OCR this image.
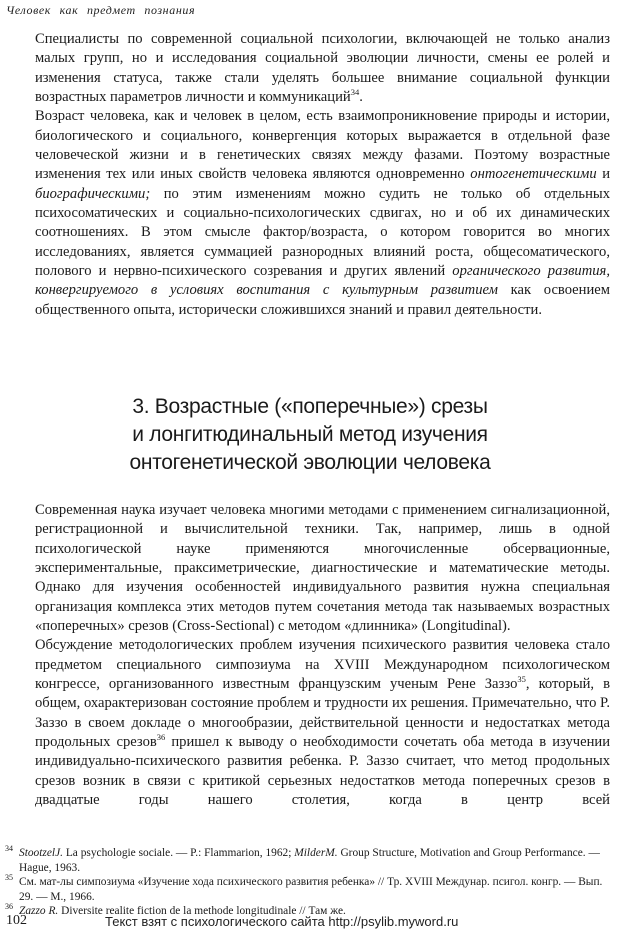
Человек как предмет познания

Специалисты по современной социальной психологии, включающей не только анализ малых групп, но и исследования социальной эволюции личности, смены ее ролей и изменения статуса, также стали уделять большее внимание социальной функции возрастных параметров личности и коммуникаций$^{34}$.

Возраст человека, как и человек в целом, есть взаимопроникновение природы и истории, биологического и социального, конвергенция которых выражается в отдельной фазе человеческой жизни и в генетических связях между фазами. Поэтому возрастные изменения тех или иных свойств человека являются одновременно онтогенетическими и биографическими; по этим изменениям можно судить не только об отдельных психосоматических и социально-психологических сдвигах, но и об их динамических соотношениях. В этом смысле фактор/возраста, о котором говорится во многих исследованиях, является суммацией разнородных влияний роста, общесоматического, полового и нервно-психического созревания и других явлений органического развития, конвергируемого в условиях воспитания с культурным развитием как освоением общественного опыта, исторически сложившихся знаний и правил деятельности.

3. Возрастные («поперечные») срезы
и лонгитюдинальный метод изучения
онтогенетической эволюции человека

Современная наука изучает человека многими методами с применением сигнализационной, регистрационной и вычислительной техники. Так, например, лишь в одной психологической науке применяются многочисленные обсервационные, экспериментальные, праксиметрические, диагностические и математические методы. Однако для изучения особенностей индивидуального развития нужна специальная организация комплекса этих методов путем сочетания метода так называемых возрастных «поперечных» срезов (Cross-Sectional) с методом «длинника» (Longitudinal).

Обсуждение методологических проблем изучения психического развития человека стало предметом специального симпозиума на XVIII Международном психологическом конгрессе, организованного известным французским ученым Рене Заззо$^{35}$, который, в общем, охарактеризован состояние проблем и трудности их решения. Примечательно, что Р. Заззо в своем докладе о многообразии, действительной ценности и недостатках метода продольных срезов$^{36}$ пришел к выводу о необходимости сочетать оба метода в изучении индивидуально-психического развития ребенка. Р. Заззо считает, что метод продольных срезов возник в связи с критикой серьезных недостатков метода поперечных срезов в двадцатые годы нашего столетия, когда в центр всей

34 StootzelJ. La psychologie sociale. — P.: Flammarion, 1962; MilderM. Group Structure, Motivation and Group Performance. — Hague, 1963.
35 См. мат-лы симпозиума «Изучение хода психического развития ребенка» // Тр. XVIII Междунар. псигол. конгр. — Вып. 29. — М., 1966.
36 Zazzo R. Diversite realite fiction de la methode longitudinale // Там же.
102	Текст взят с психологического сайта http://psylib.myword.ru
